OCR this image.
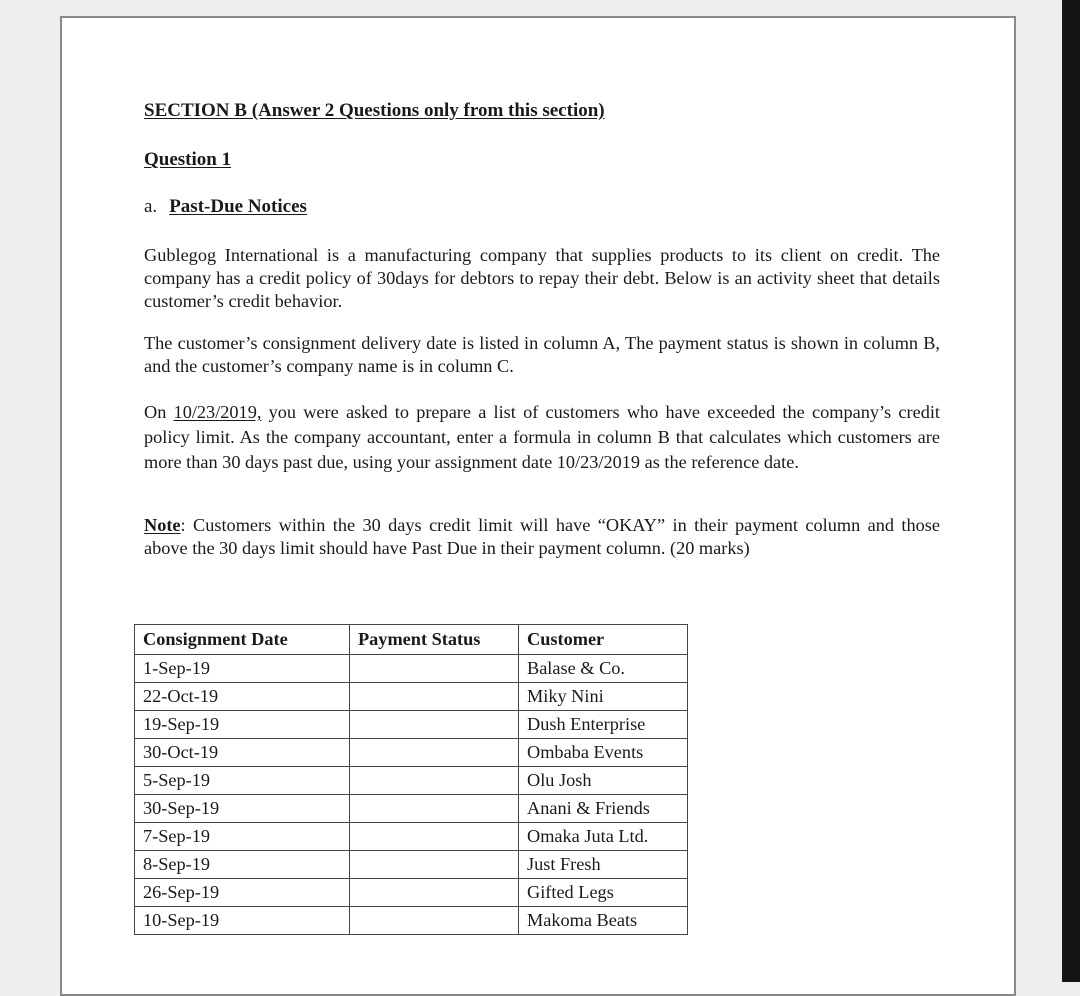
SECTION B (Answer 2 Questions only from this section)
Question 1
a. Past-Due Notices
Gublegog International is a manufacturing company that supplies products to its client on credit. The company has a credit policy of 30days for debtors to repay their debt. Below is an activity sheet that details customer’s credit behavior.
The customer’s consignment delivery date is listed in column A, The payment status is shown in column B, and the customer’s company name is in column C.
On 10/23/2019, you were asked to prepare a list of customers who have exceeded the company’s credit policy limit. As the company accountant, enter a formula in column B that calculates which customers are more than 30 days past due, using your assignment date 10/23/2019 as the reference date.
Note: Customers within the 30 days credit limit will have “OKAY” in their payment column and those above the 30 days limit should have Past Due in their payment column. (20 marks)
Consignment Date	Payment Status	Customer
1-Sep-19		Balase & Co.
22-Oct-19		Miky Nini
19-Sep-19		Dush Enterprise
30-Oct-19		Ombaba Events
5-Sep-19		Olu Josh
30-Sep-19		Anani & Friends
7-Sep-19		Omaka Juta Ltd.
8-Sep-19		Just Fresh
26-Sep-19		Gifted Legs
10-Sep-19		Makoma Beats
